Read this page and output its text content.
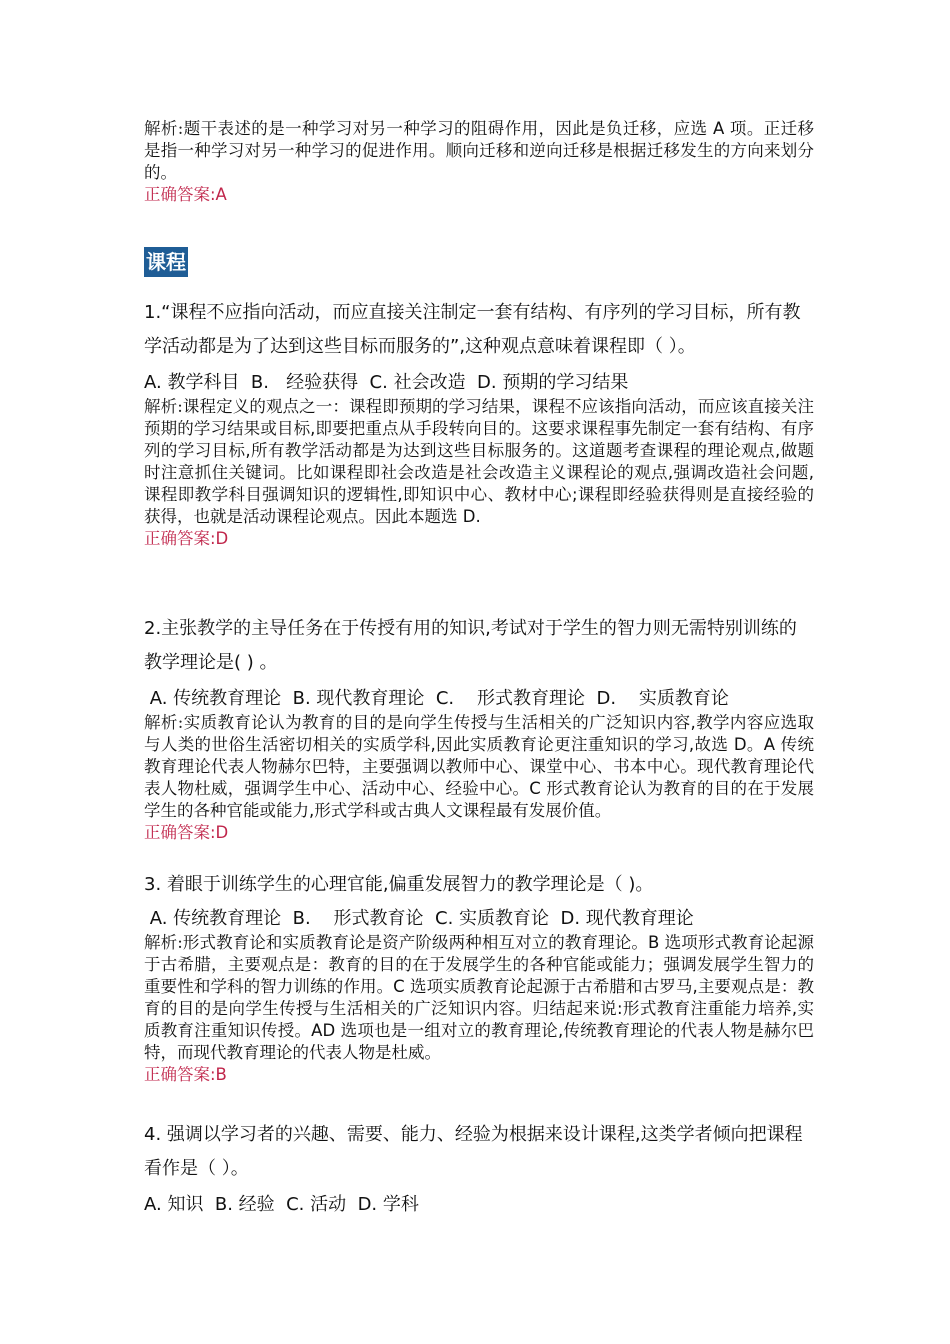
解析:题干表述的是一种学习对另一种学习的阻碍作用，因此是负迁移，应选 A 项。正迁移是指一种学习对另一种学习的促进作用。顺向迁移和逆向迁移是根据迁移发生的方向来划分的。

正确答案:A

课程

1.“课程不应指向活动，而应直接关注制定一套有结构、有序列的学习目标，所有教学活动都是为了达到这些目标而服务的”,这种观点意味着课程即（ ）。

A. 教学科目  B.   经验获得  C. 社会改造  D. 预期的学习结果

解析:课程定义的观点之一：课程即预期的学习结果，课程不应该指向活动，而应该直接关注预期的学习结果或目标,即要把重点从手段转向目的。这要求课程事先制定一套有结构、有序列的学习目标,所有教学活动都是为达到这些目标服务的。这道题考查课程的理论观点,做题时注意抓住关键词。比如课程即社会改造是社会改造主义课程论的观点,强调改造社会问题,课程即教学科目强调知识的逻辑性,即知识中心、教材中心;课程即经验获得则是直接经验的获得，也就是活动课程论观点。因此本题选 D.

正确答案:D

2.主张教学的主导任务在于传授有用的知识,考试对于学生的智力则无需特别训练的教学理论是( ) 。

A. 传统教育理论  B. 现代教育理论  C.    形式教育理论  D.    实质教育论

解析:实质教育论认为教育的目的是向学生传授与生活相关的广泛知识内容,教学内容应选取与人类的世俗生活密切相关的实质学科,因此实质教育论更注重知识的学习,故选 D。A 传统教育理论代表人物赫尔巴特，主要强调以教师中心、课堂中心、书本中心。现代教育理论代表人物杜威，强调学生中心、活动中心、经验中心。C 形式教育论认为教育的目的在于发展学生的各种官能或能力,形式学科或古典人文课程最有发展价值。

正确答案:D

3. 着眼于训练学生的心理官能,偏重发展智力的教学理论是（ )。

A. 传统教育理论  B.    形式教育论  C. 实质教育论  D. 现代教育理论

解析:形式教育论和实质教育论是资产阶级两种相互对立的教育理论。B 选项形式教育论起源于古希腊，主要观点是：教育的目的在于发展学生的各种官能或能力；强调发展学生智力的重要性和学科的智力训练的作用。C 选项实质教育论起源于古希腊和古罗马,主要观点是：教育的目的是向学生传授与生活相关的广泛知识内容。归结起来说:形式教育注重能力培养,实质教育注重知识传授。AD 选项也是一组对立的教育理论,传统教育理论的代表人物是赫尔巴特，而现代教育理论的代表人物是杜威。

正确答案:B

4. 强调以学习者的兴趣、需要、能力、经验为根据来设计课程,这类学者倾向把课程看作是（ ）。

A. 知识  B. 经验  C. 活动  D. 学科
